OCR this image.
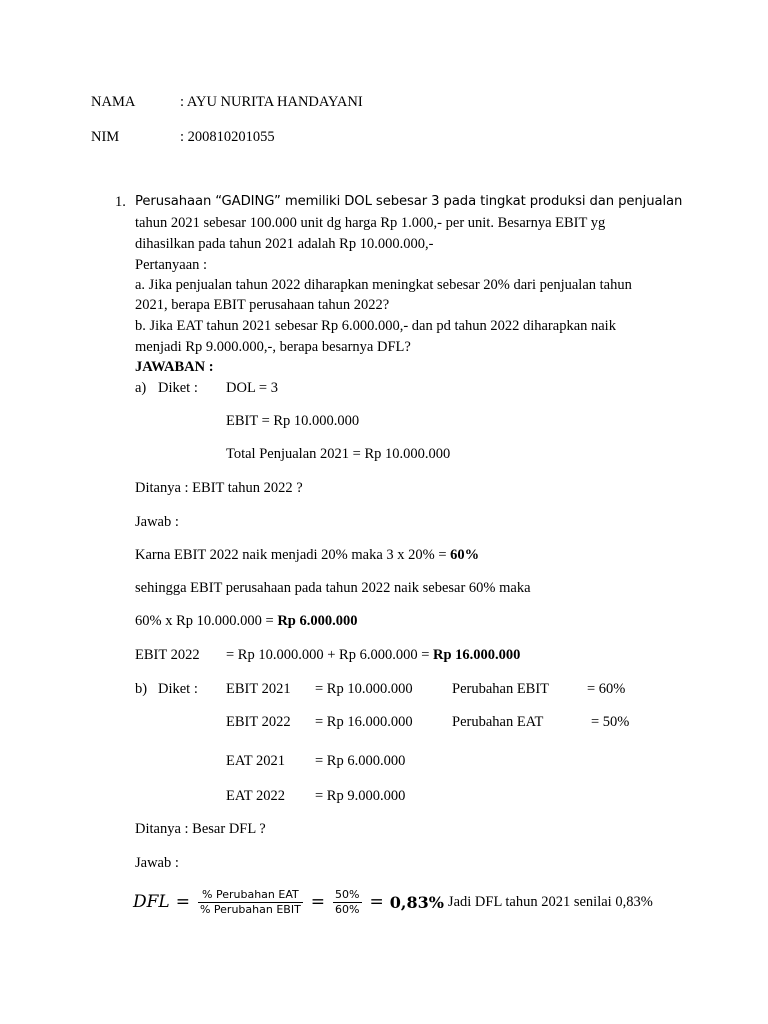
NAMA	: AYU NURITA HANDAYANI
NIM	: 200810201055
1. Perusahaan “GADING” memiliki DOL sebesar 3 pada tingkat produksi dan penjualan
tahun 2021 sebesar 100.000 unit dg harga Rp 1.000,- per unit. Besarnya EBIT yg
dihasilkan pada tahun 2021 adalah Rp 10.000.000,-
Pertanyaan :
a. Jika penjualan tahun 2022 diharapkan meningkat sebesar 20% dari penjualan tahun
2021, berapa EBIT perusahaan tahun 2022?
b. Jika EAT tahun 2021 sebesar Rp 6.000.000,- dan pd tahun 2022 diharapkan naik
menjadi Rp 9.000.000,-, berapa besarnya DFL?
JAWABAN :
a) Diket : DOL = 3
EBIT = Rp 10.000.000
Total Penjualan 2021 = Rp 10.000.000
Ditanya : EBIT tahun 2022 ?
Jawab :
Karna EBIT 2022 naik menjadi 20% maka 3 x 20% = 60%
sehingga EBIT perusahaan pada tahun 2022 naik sebesar 60% maka
60% x Rp 10.000.000 = Rp 6.000.000
EBIT 2022 = Rp 10.000.000 + Rp 6.000.000 = Rp 16.000.000
b) Diket : EBIT 2021 = Rp 10.000.000	Perubahan EBIT	= 60%
EBIT 2022 = Rp 16.000.000	Perubahan EAT	= 50%
EAT 2021 = Rp 6.000.000
EAT 2022 = Rp 9.000.000
Ditanya : Besar DFL ?
Jawab :
DFL = $\frac{\text{\% Perubahan EAT}}{\text{\% Perubahan EBIT}} = \frac{50\%}{60\%} = 0,83\%$ Jadi DFL tahun 2021 senilai 0,83%
